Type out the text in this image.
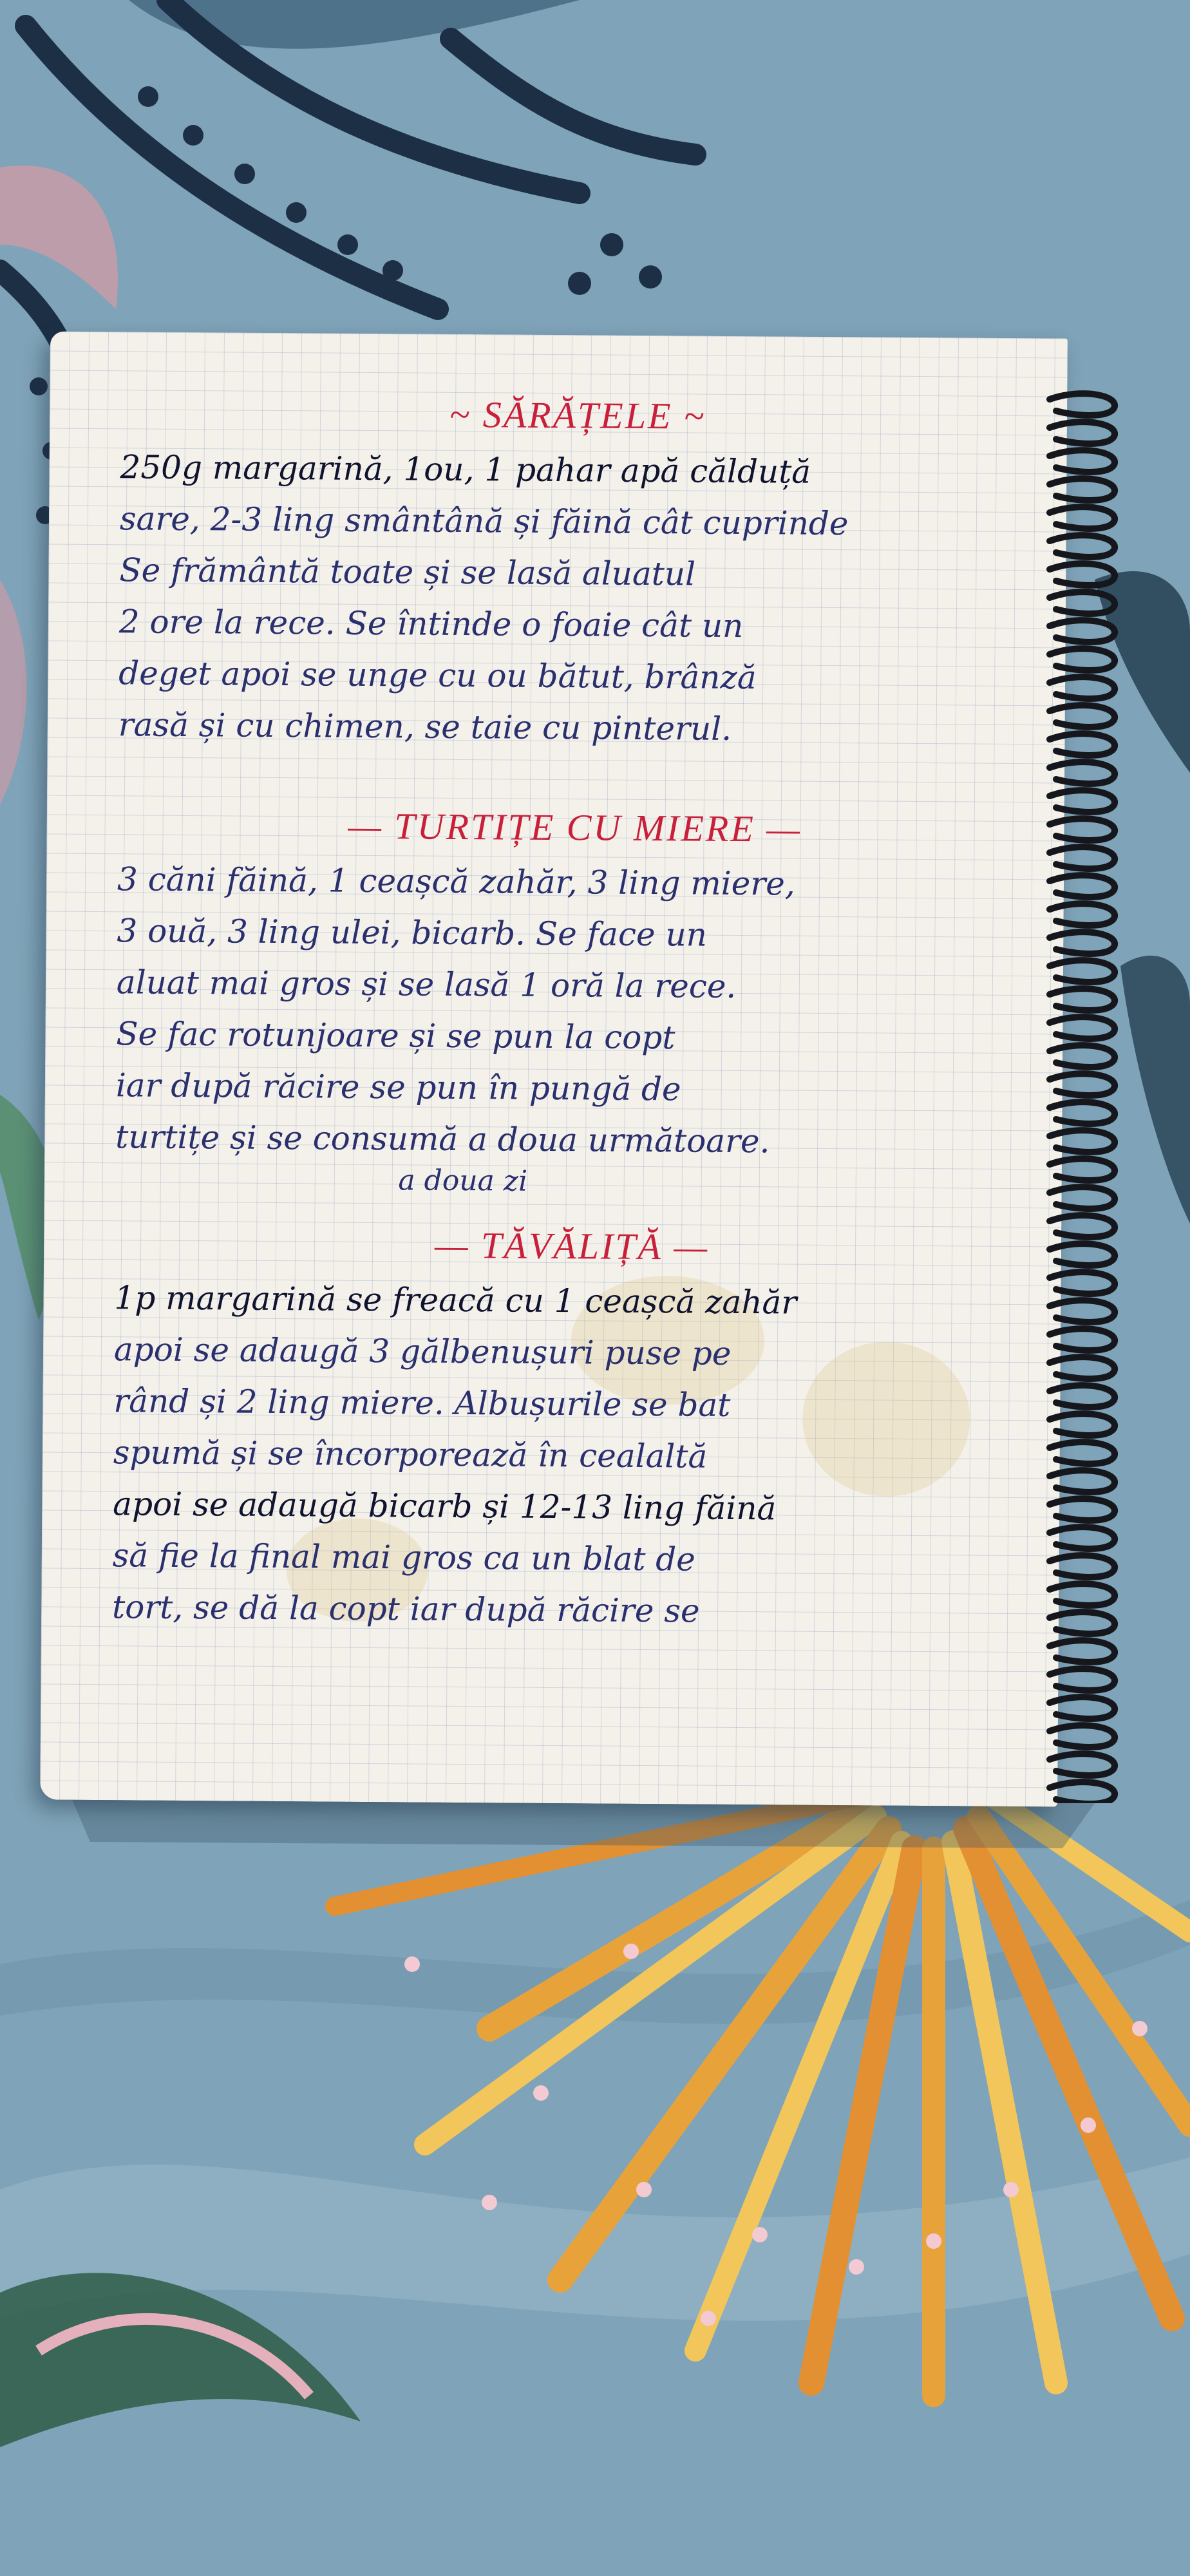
~ SĂRĂȚELE ~
250g margarină, 1ou, 1 pahar apă călduță
sare, 2-3 ling smântână și făină cât cuprinde
Se frământă toate și se lasă aluatul
2 ore la rece. Se întinde o foaie cât un
deget apoi se unge cu ou bătut, brânză
rasă și cu chimen, se taie cu pinterul.
— TURTIȚE CU MIERE —
3 căni făină, 1 ceașcă zahăr, 3 ling miere,
3 ouă, 3 ling ulei, bicarb. Se face un
aluat mai gros și se lasă 1 oră la rece.
Se fac rotunjoare și se pun la copt
iar după răcire se pun în pungă de
turtițe și se consumă a doua următoare.
a doua zi
— TĂVĂLIȚĂ —
1p margarină se freacă cu 1 ceașcă zahăr
apoi se adaugă 3 gălbenușuri puse pe
rând și 2 ling miere. Albușurile se bat
spumă și se încorporează în cealaltă
apoi se adaugă bicarb și 12-13 ling făină
să fie la final mai gros ca un blat de
tort, se dă la copt iar după răcire se
